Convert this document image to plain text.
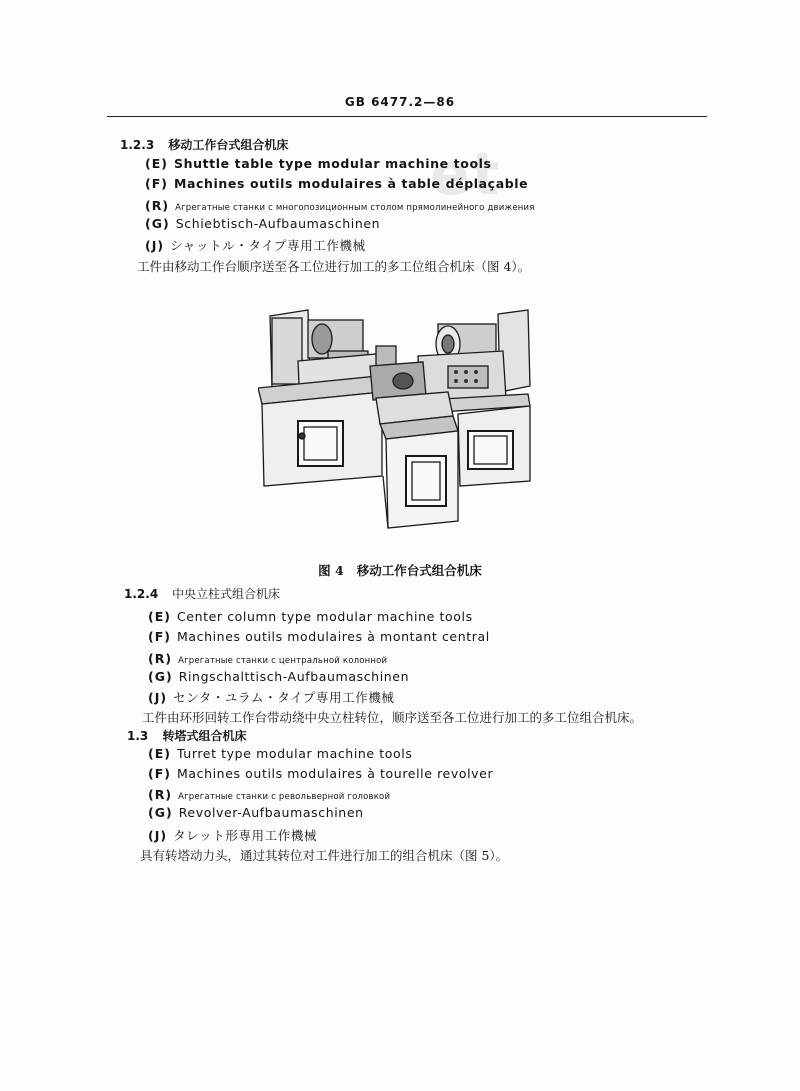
et
GB 6477.2—86
1.2.3 移动工作台式组合机床
(E) Shuttle table type modular machine tools
(F) Machines outils modulaires à table déplaçable
(R) Агрегатные станки с многопозиционным столом прямолинейного движения
(G) Schiebtisch-Aufbaumaschinen
(J) シャットル・タイプ専用工作機械
工件由移动工作台顺序送至各工位进行加工的多工位组合机床（图 4）。
图 4 移动工作台式组合机床
1.2.4 中央立柱式组合机床
(E) Center column type modular machine tools
(F) Machines outils modulaires à montant central
(R) Агрегатные станки с центральной колонной
(G) Ringschalttisch-Aufbaumaschinen
(J) センタ・ユラム・タイプ専用工作機械
工件由环形回转工作台带动绕中央立柱转位，顺序送至各工位进行加工的多工位组合机床。
1.3 转塔式组合机床
(E) Turret type modular machine tools
(F) Machines outils modulaires à tourelle revolver
(R) Агрегатные станки с револьверной головкой
(G) Revolver-Aufbaumaschinen
(J) タレット形専用工作機械
具有转塔动力头，通过其转位对工件进行加工的组合机床（图 5）。
